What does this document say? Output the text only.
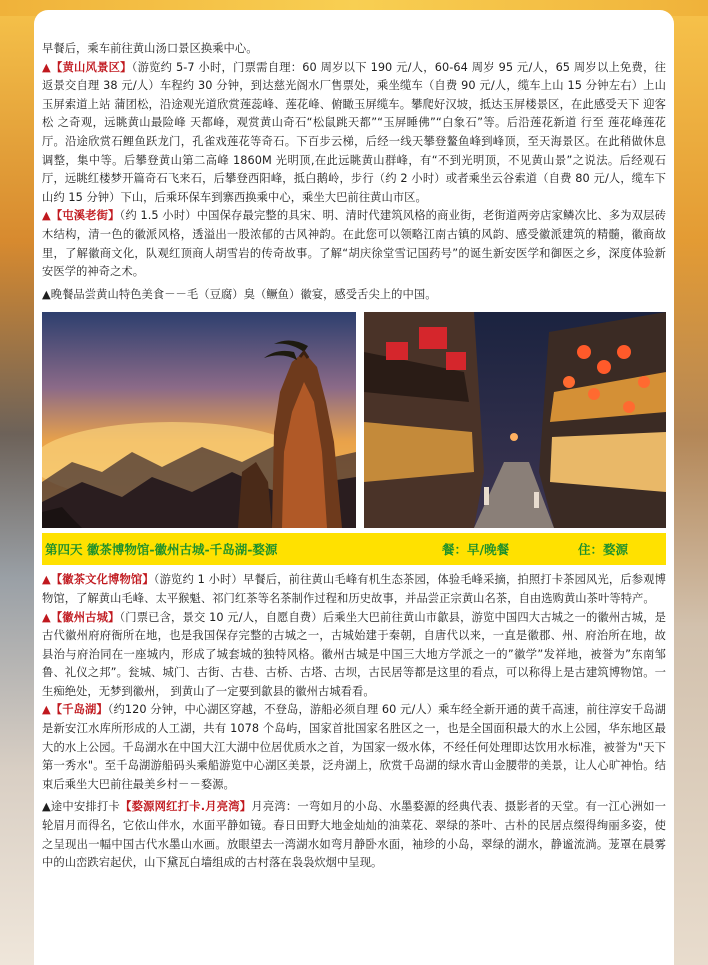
早餐后，乘车前往黄山汤口景区换乘中心。

▲【黄山风景区】（游览约 5-7 小时，门票需自理：60 周岁以下 190 元/人，60-64 周岁 95 元/人，65 周岁以上免费，往返景交自理 38 元/人）车程约 30 分钟，到达慈光阁水厂售票处，乘坐缆车（自费 90 元/人，缆车上山 15 分钟左右）上山玉屏索道上站 蒲团松，沿途观光道欣赏莲蕊峰、莲花峰、俯瞰玉屏缆车。攀爬好汉坡，抵达玉屏楼景区，在此感受天下 迎客松 之奇观，远眺黄山最险峰 天都峰，观赏黄山奇石“松鼠跳天都”“玉屏睡佛”“白象石”等。后沿莲花新道 行至 莲花峰莲花厅。沿途欣赏石鲤鱼跃龙门，孔雀戏莲花等奇石。下百步云梯，后经一线天攀登鳌鱼峰到峰顶，至天海景区。在此稍做休息调整，集中等。后攀登黄山第二高峰 1860M 光明顶,在此远眺黄山群峰，有“不到光明顶，不见黄山景”之说法。后经观石厅，远眺红楼梦开篇奇石飞来石，后攀登西阳峰，抵白鹅岭，步行（约 2 小时）或者乘坐云谷索道（自费 80 元/人，缆车下山约 15 分钟）下山，后乘环保车到寨西换乘中心，乘坐大巴前往黄山市区。

▲【屯溪老街】（约 1.5 小时）中国保存最完整的具宋、明、清时代建筑风格的商业街，老街道两旁店家鳞次比、多为双层砖木结构，清一色的徽派风格，透溢出一股浓郁的古风神韵。在此您可以领略江南古镇的风韵、感受徽派建筑的精髓，徽商故里，了解徽商文化，队观红顶商人胡雪岩的传奇故事。了解“胡庆徐堂雪记国药号”的诞生新安医学和御医之乡，深度体验新安医学的神奇之术。

▲晚餐品尝黄山特色美食－－毛（豆腐）臭（鳜鱼）徽宴，感受舌尖上的中国。

第四天 徽茶博物馆-徽州古城-千岛湖-婺源	餐：早/晚餐	住：婺源

▲【徽茶文化博物馆】（游览约 1 小时）早餐后，前往黄山毛峰有机生态茶园，体验毛峰采摘，拍照打卡茶园风光，后参观博物馆，了解黄山毛峰、太平猴魁、祁门红茶等名茶制作过程和历史故事，并品尝正宗黄山名茶，自由选购黄山茶叶等特产。

▲【徽州古城】（门票已含，景交 10 元/人，自愿自费）后乘坐大巴前往黄山市歙县，游览中国四大古城之一的徽州古城，是古代徽州府府衙所在地，也是我国保存完整的古城之一，古城始建于秦朝，自唐代以来，一直是徽郡、州、府治所在地，故县治与府治同在一座城内，形成了城套城的独特风格。徽州古城是中国三大地方学派之一的”徽学”发祥地，被誉为”东南邹鲁、礼仪之邦”。瓮城、城门、古街、古巷、古桥、古塔、古坝，古民居等都是这里的看点，可以称得上是古建筑博物馆。一生痴绝处，无梦到徽州， 到黄山了一定要到歙县的徽州古城看看。

▲【千岛湖】（约120 分钟，中心湖区穿越，不登岛，游船必须自理 60 元/人）乘车经全新开通的黄千高速，前往淳安千岛湖是新安江水库所形成的人工湖，共有 1078 个岛屿，国家首批国家名胜区之一，也是全国面积最大的水上公园，华东地区最大的水上公园。千岛湖水在中国大江大湖中位居优质水之首，为国家一级水体，不经任何处理即达饮用水标准，被誉为"天下第一秀水"。至千岛湖游船码头乘船游览中心湖区美景，泛舟湖上，欣赏千岛湖的绿水青山金腰带的美景，让人心旷神怡。结束后乘坐大巴前往最美乡村－－婺源。

▲途中安排打卡【婺源网红打卡.月亮湾】月亮湾：一弯如月的小岛、水墨婺源的经典代表、摄影者的天堂。有一江心洲如一轮眉月而得名，它依山伴水，水面平静如镜。春日田野大地金灿灿的油菜花、翠绿的茶叶、古朴的民居点缀得绚丽多姿，使之呈现出一幅中国古代水墨山水画。放眼望去一湾湖水如弯月静卧水面，袖珍的小岛，翠绿的湖水，静谧流淌。茏罩在晨雾中的山峦跌宕起伏，山下黛瓦白墙组成的古村落在袅袅炊烟中呈现。
